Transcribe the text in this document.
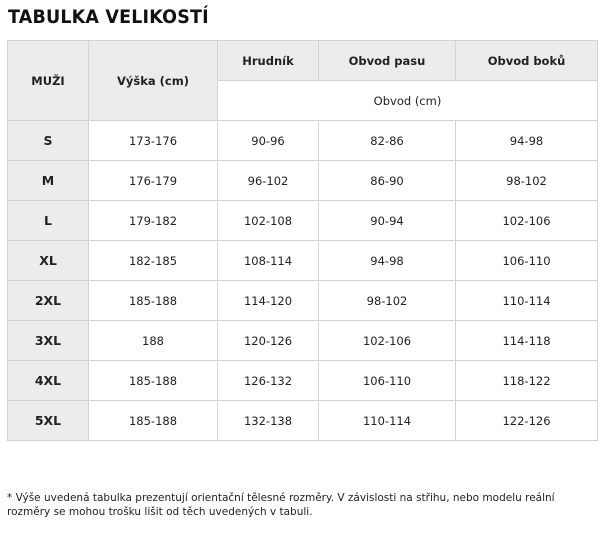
TABULKA VELIKOSTÍ
MUŽI	Výška (cm)	Hrudník	Obvod pasu	Obvod boků
		Obvod (cm)		
S	173-176	90-96	82-86	94-98
M	176-179	96-102	86-90	98-102
L	179-182	102-108	90-94	102-106
XL	182-185	108-114	94-98	106-110
2XL	185-188	114-120	98-102	110-114
3XL	188	120-126	102-106	114-118
4XL	185-188	126-132	106-110	118-122
5XL	185-188	132-138	110-114	122-126
* Výše uvedená tabulka prezentují orientační tělesné rozměry. V závislosti na střihu, nebo modelu reální rozměry se mohou trošku lišit od těch uvedených v tabuli.
